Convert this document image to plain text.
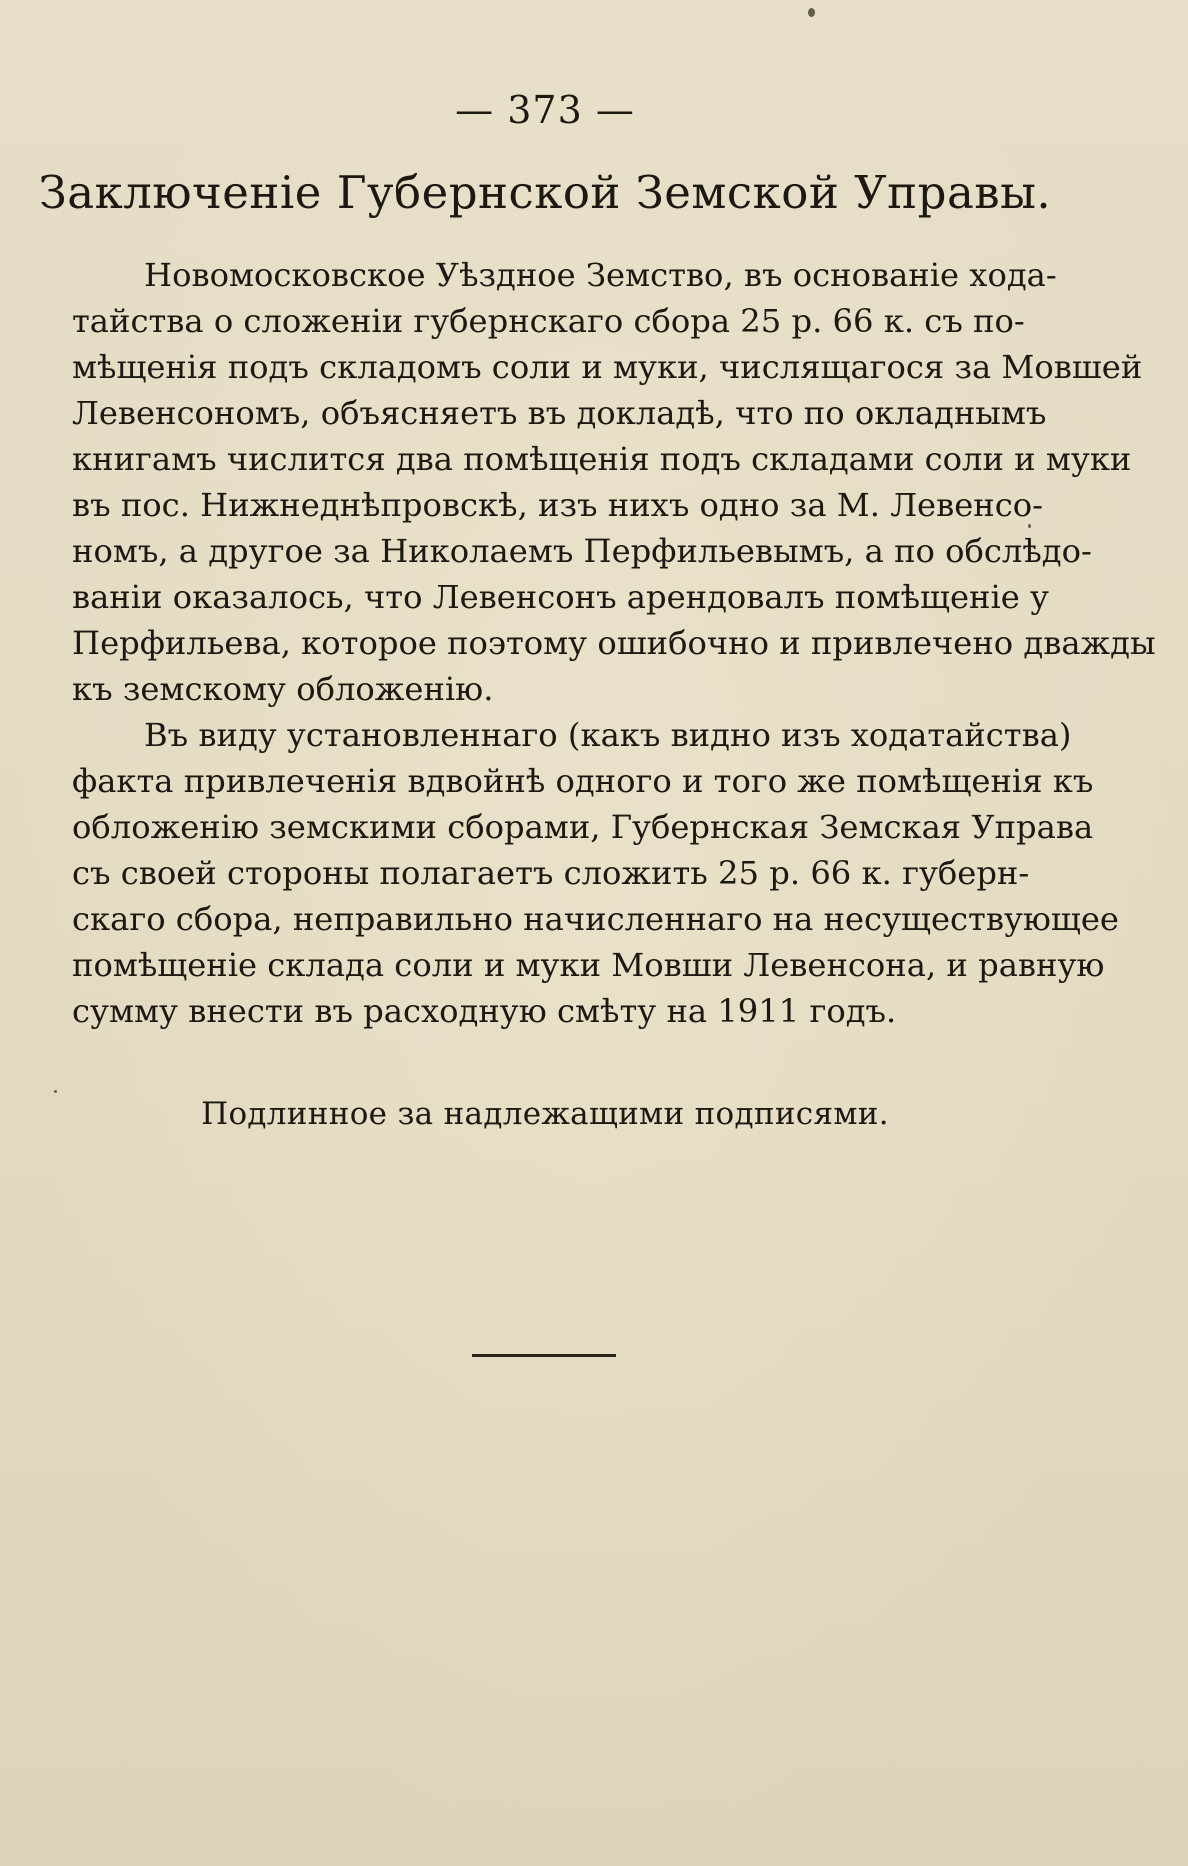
— 373 —
Заключеніе Губернской Земской Управы.
Новомосковское Уѣздное Земство, въ основаніе хода-
тайства о сложеніи губернскаго сбора 25 р. 66 к. съ по-
мѣщенія подъ складомъ соли и муки, числящагося за Мовшей
Левенсономъ, объясняетъ въ докладѣ, что по окладнымъ
книгамъ числится два помѣщенія подъ складами соли и муки
въ пос. Нижнеднѣпровскѣ, изъ нихъ одно за М. Левенсо-
номъ, а другое за Николаемъ Перфильевымъ, а по обслѣдо-
ваніи оказалось, что Левенсонъ арендовалъ помѣщеніе у
Перфильева, которое поэтому ошибочно и привлечено дважды
къ земскому обложенію.
Въ виду установленнаго (какъ видно изъ ходатайства)
факта привлеченія вдвойнѣ одного и того же помѣщенія къ
обложенію земскими сборами, Губернская Земская Управа
съ своей стороны полагаетъ сложить 25 р. 66 к. губерн-
скаго сбора, неправильно начисленнаго на несуществующее
помѣщеніе склада соли и муки Мовши Левенсона, и равную
сумму внести въ расходную смѣту на 1911 годъ.
Подлинное за надлежащими подписями.
